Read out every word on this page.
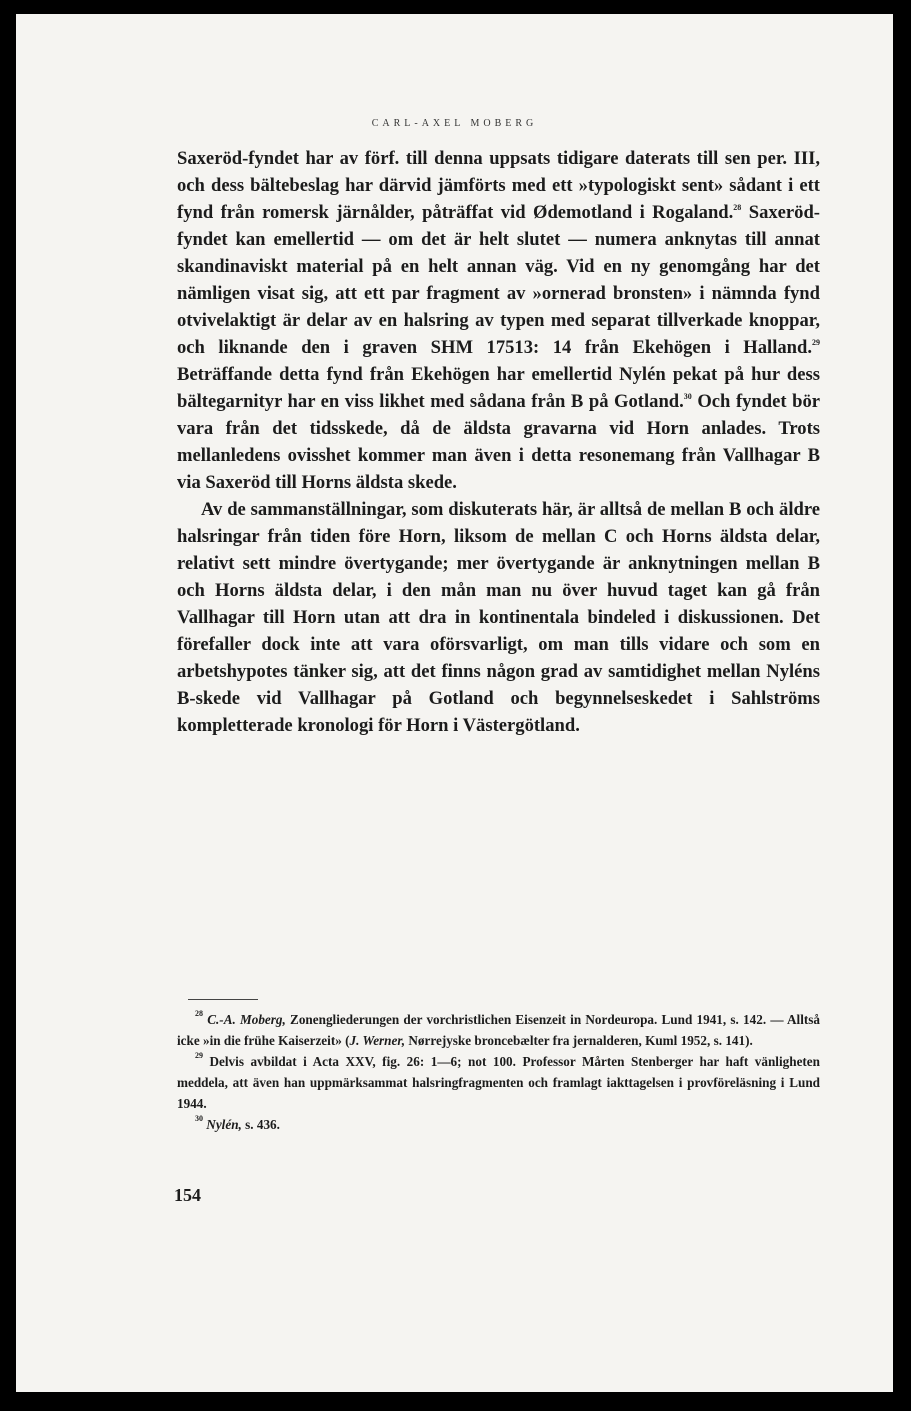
CARL-AXEL MOBERG

Saxeröd-fyndet har av förf. till denna uppsats tidigare daterats till sen per. III, och dess bältebeslag har därvid jämförts med ett »typologiskt sent» sådant i ett fynd från romersk järnålder, påträffat vid Ødemotland i Rogaland.$^{28}$ Saxeröd-fyndet kan emellertid — om det är helt slutet — numera anknytas till annat skandinaviskt material på en helt annan väg. Vid en ny genomgång har det nämligen visat sig, att ett par fragment av »ornerad bronsten» i nämnda fynd otvivelaktigt är delar av en halsring av typen med separat tillverkade knoppar, och liknande den i graven SHM 17513: 14 från Ekehögen i Halland.$^{29}$ Beträffande detta fynd från Ekehögen har emellertid Nylén pekat på hur dess bältegarnityr har en viss likhet med sådana från B på Gotland.$^{30}$ Och fyndet bör vara från det tidsskede, då de äldsta gravarna vid Horn anlades. Trots mellanledens ovisshet kommer man även i detta resonemang från Vallhagar B via Saxeröd till Horns äldsta skede.

Av de sammanställningar, som diskuterats här, är alltså de mellan B och äldre halsringar från tiden före Horn, liksom de mellan C och Horns äldsta delar, relativt sett mindre övertygande; mer övertygande är anknytningen mellan B och Horns äldsta delar, i den mån man nu över huvud taget kan gå från Vallhagar till Horn utan att dra in kontinentala bindeled i diskussionen. Det förefaller dock inte att vara oförsvarligt, om man tills vidare och som en arbetshypotes tänker sig, att det finns någon grad av samtidighet mellan Nyléns B-skede vid Vallhagar på Gotland och begynnelseskedet i Sahlströms kompletterade kronologi för Horn i Västergötland.

$^{28}$ C.-A. Moberg, Zonengliederungen der vorchristlichen Eisenzeit in Nordeuropa. Lund 1941, s. 142. — Alltså icke »in die frühe Kaiserzeit» (J. Werner, Nørrejyske broncebælter fra jernalderen, Kuml 1952, s. 141).

$^{29}$ Delvis avbildat i Acta XXV, fig. 26: 1—6; not 100. Professor Mårten Stenberger har haft vänligheten meddela, att även han uppmärksammat halsringfragmenten och framlagt iakttagelsen i provföreläsning i Lund 1944.

$^{30}$ Nylén, s. 436.

154
